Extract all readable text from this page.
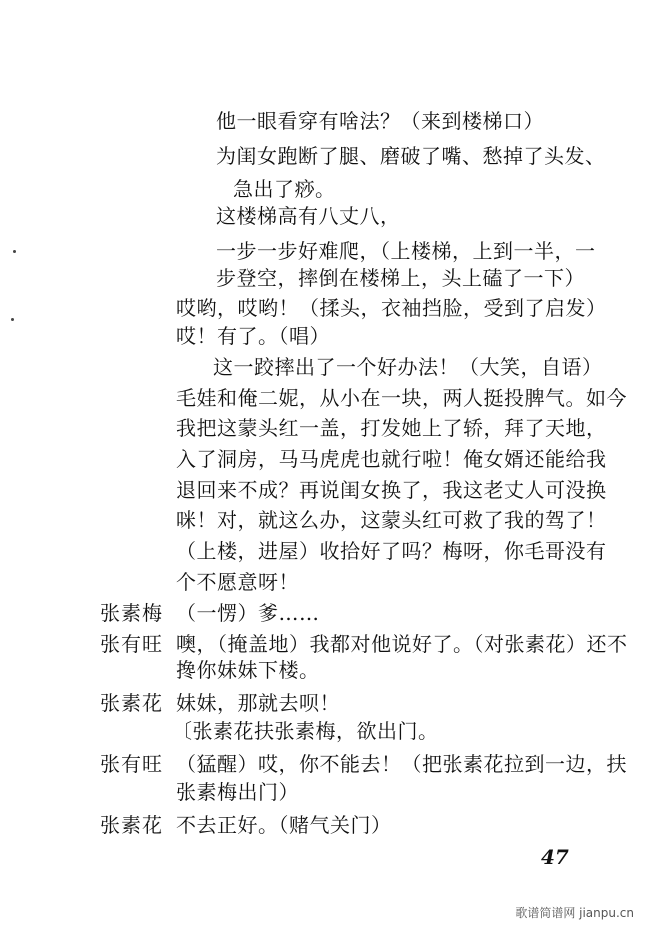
他一眼看穿有啥法？（来到楼梯口）
为闺女跑断了腿、磨破了嘴、愁掉了头发、
急出了痧。
这楼梯高有八丈八，
一步一步好难爬，（上楼梯，上到一半，一
步登空，摔倒在楼梯上，头上磕了一下）
哎哟，哎哟！（揉头，衣袖挡脸，受到了启发）
哎！有了。（唱）
这一跤摔出了一个好办法！（大笑，自语）
毛娃和俺二妮，从小在一块，两人挺投脾气。如今
我把这蒙头红一盖，打发她上了轿，拜了天地，
入了洞房，马马虎虎也就行啦！俺女婿还能给我
退回来不成？再说闺女换了，我这老丈人可没换
咪！对，就这么办，这蒙头红可救了我的驾了！
（上楼，进屋）收拾好了吗？梅呀，你毛哥没有
个不愿意呀！
张素梅 （一愣）爹……
张有旺 噢，（掩盖地）我都对他说好了。（对张素花）还不
搀你妹妹下楼。
张素花 妹妹，那就去呗！
〔张素花扶张素梅，欲出门。
张有旺 （猛醒）哎，你不能去！（把张素花拉到一边，扶
张素梅出门）
张素花 不去正好。（赌气关门）
47
歌谱简谱网 jianpu.cn
